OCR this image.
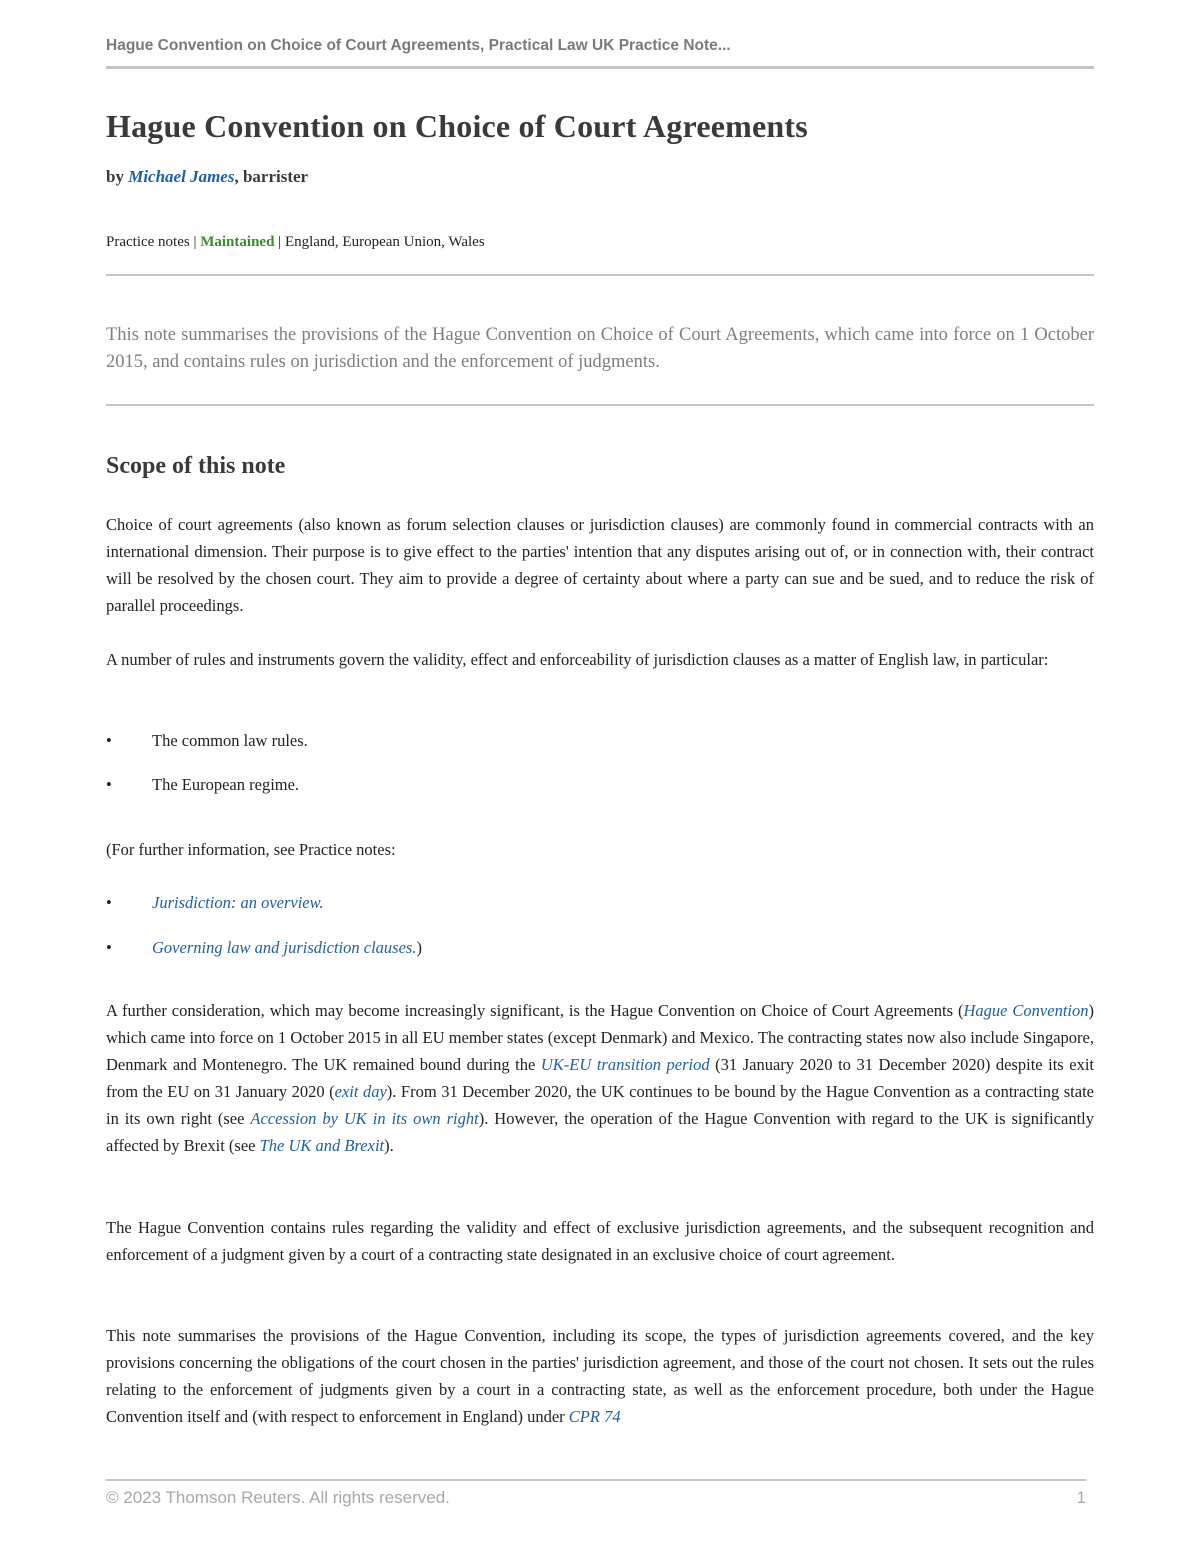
Hague Convention on Choice of Court Agreements, Practical Law UK Practice Note...
Hague Convention on Choice of Court Agreements
by Michael James, barrister
Practice notes | Maintained | England, European Union, Wales

This note summarises the provisions of the Hague Convention on Choice of Court Agreements, which came into force on 1 October 2015, and contains rules on jurisdiction and the enforcement of judgments.

Scope of this note

Choice of court agreements (also known as forum selection clauses or jurisdiction clauses) are commonly found in commercial contracts with an international dimension. Their purpose is to give effect to the parties' intention that any disputes arising out of, or in connection with, their contract will be resolved by the chosen court. They aim to provide a degree of certainty about where a party can sue and be sued, and to reduce the risk of parallel proceedings.

A number of rules and instruments govern the validity, effect and enforceability of jurisdiction clauses as a matter of English law, in particular:

• The common law rules.
• The European regime.

(For further information, see Practice notes:

• Jurisdiction: an overview.
• Governing law and jurisdiction clauses.)

A further consideration, which may become increasingly significant, is the Hague Convention on Choice of Court Agreements (Hague Convention) which came into force on 1 October 2015 in all EU member states (except Denmark) and Mexico. The contracting states now also include Singapore, Denmark and Montenegro. The UK remained bound during the UK-EU transition period (31 January 2020 to 31 December 2020) despite its exit from the EU on 31 January 2020 (exit day). From 31 December 2020, the UK continues to be bound by the Hague Convention as a contracting state in its own right (see Accession by UK in its own right). However, the operation of the Hague Convention with regard to the UK is significantly affected by Brexit (see The UK and Brexit).

The Hague Convention contains rules regarding the validity and effect of exclusive jurisdiction agreements, and the subsequent recognition and enforcement of a judgment given by a court of a contracting state designated in an exclusive choice of court agreement.

This note summarises the provisions of the Hague Convention, including its scope, the types of jurisdiction agreements covered, and the key provisions concerning the obligations of the court chosen in the parties' jurisdiction agreement, and those of the court not chosen. It sets out the rules relating to the enforcement of judgments given by a court in a contracting state, as well as the enforcement procedure, both under the Hague Convention itself and (with respect to enforcement in England) under CPR 74

© 2023 Thomson Reuters. All rights reserved.	1
